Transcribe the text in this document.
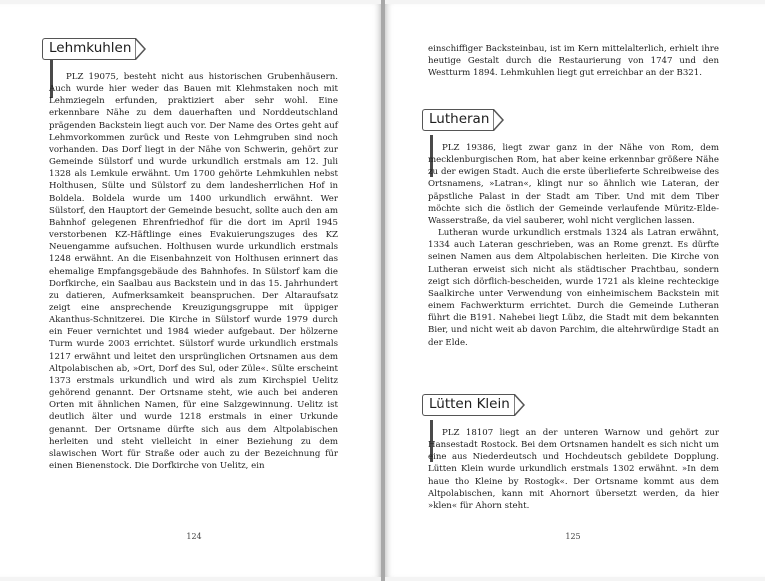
Lehmkuhlen

PLZ 19075, besteht nicht aus historischen Grubenhäusern. Auch wurde hier weder das Bauen mit Klehmstaken noch mit Lehmziegeln erfunden, praktiziert aber sehr wohl. Eine erkennbare Nähe zu dem dauerhaften und Norddeutschland prägenden Backstein liegt auch vor. Der Name des Ortes geht auf Lehmvorkommen zurück und Reste von Lehmgruben sind noch vorhanden. Das Dorf liegt in der Nähe von Schwerin, gehört zur Gemeinde Sülstorf und wurde urkundlich erstmals am 12. Juli 1328 als Lemkule erwähnt. Um 1700 gehörte Lehmkuhlen nebst Holthusen, Sülte und Sülstorf zu dem landesherrlichen Hof in Boldela. Boldela wurde um 1400 urkundlich erwähnt. Wer Sülstorf, den Hauptort der Gemeinde besucht, sollte auch den am Bahnhof gelegenen Ehrenfriedhof für die dort im April 1945 verstorbenen KZ-Häftlinge eines Evakuierungszuges des KZ Neuengamme aufsuchen. Holthusen wurde urkundlich erstmals 1248 erwähnt. An die Eisenbahnzeit von Holthusen erinnert das ehemalige Empfangsgebäude des Bahnhofes. In Sülstorf kam die Dorfkirche, ein Saalbau aus Backstein und in das 15. Jahrhundert zu datieren, Aufmerksamkeit beanspruchen. Der Altaraufsatz zeigt eine ansprechende Kreuzigungsgruppe mit üppiger Akanthus-Schnitzerei. Die Kirche in Sülstorf wurde 1979 durch ein Feuer vernichtet und 1984 wieder aufgebaut. Der hölzerne Turm wurde 2003 errichtet. Sülstorf wurde urkundlich erstmals 1217 erwähnt und leitet den ursprünglichen Ortsnamen aus dem Altpolabischen ab, »Ort, Dorf des Sul, oder Züle«. Sülte erscheint 1373 erstmals urkundlich und wird als zum Kirchspiel Uelitz gehörend genannt. Der Ortsname steht, wie auch bei anderen Orten mit ähnlichen Namen, für eine Salzgewinnung. Uelitz ist deutlich älter und wurde 1218 erstmals in einer Urkunde genannt. Der Ortsname dürfte sich aus dem Altpolabischen herleiten und steht vielleicht in einer Beziehung zu dem slawischen Wort für Straße oder auch zu der Bezeichnung für einen Bienenstock. Die Dorfkirche von Uelitz, ein

124

einschiffiger Backsteinbau, ist im Kern mittelalterlich, erhielt ihre heutige Gestalt durch die Restaurierung von 1747 und den Westturm 1894. Lehmkuhlen liegt gut erreichbar an der B321.

Lutheran

PLZ 19386, liegt zwar ganz in der Nähe von Rom, dem mecklenburgischen Rom, hat aber keine erkennbar größere Nähe zu der ewigen Stadt. Auch die erste überlieferte Schreibweise des Ortsnamens, »Latran«, klingt nur so ähnlich wie Lateran, der päpstliche Palast in der Stadt am Tiber. Und mit dem Tiber möchte sich die östlich der Gemeinde verlaufende Müritz-Elde-Wasserstraße, da viel sauberer, wohl nicht verglichen lassen.

Lutheran wurde urkundlich erstmals 1324 als Latran erwähnt, 1334 auch Lateran geschrieben, was an Rome grenzt. Es dürfte seinen Namen aus dem Altpolabischen herleiten. Die Kirche von Lutheran erweist sich nicht als städtischer Prachtbau, sondern zeigt sich dörflich-bescheiden, wurde 1721 als kleine rechteckige Saalkirche unter Verwendung von einheimischem Backstein mit einem Fachwerkturm errichtet. Durch die Gemeinde Lutheran führt die B191. Nahebei liegt Lübz, die Stadt mit dem bekannten Bier, und nicht weit ab davon Parchim, die altehrwürdige Stadt an der Elde.

Lütten Klein

PLZ 18107 liegt an der unteren Warnow und gehört zur Hansestadt Rostock. Bei dem Ortsnamen handelt es sich nicht um eine aus Niederdeutsch und Hochdeutsch gebildete Dopplung. Lütten Klein wurde urkundlich erstmals 1302 erwähnt. »In dem haue tho Kleine by Rostogk«. Der Ortsname kommt aus dem Altpolabischen, kann mit Ahornort übersetzt werden, da hier »klen« für Ahorn steht.

125
